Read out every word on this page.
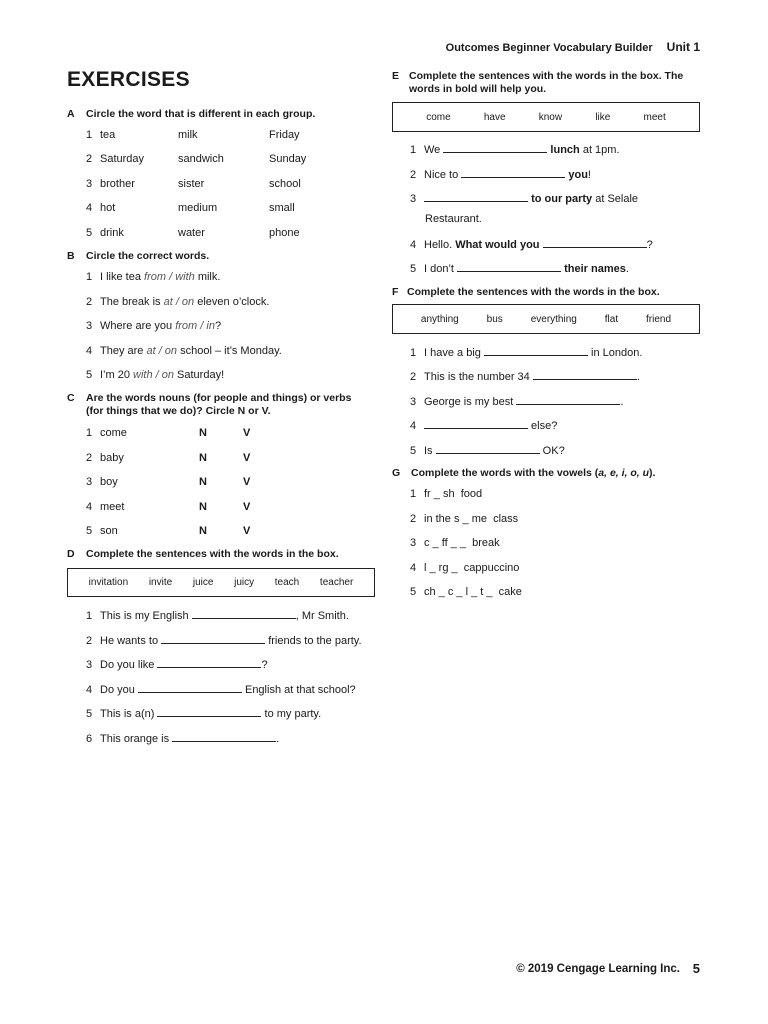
Outcomes Beginner Vocabulary Builder Unit 1
EXERCISES
A	Circle the word that is different in each group.
1 tea	milk	Friday
2 Saturday	sandwich	Sunday
3 brother	sister	school
4 hot	medium	small
5 drink	water	phone
B	Circle the correct words.
1 I like tea from / with milk.
2 The break is at / on eleven o’clock.
3 Where are you from / in?
4 They are at / on school – it’s Monday.
5 I’m 20 with / on Saturday!
C	Are the words nouns (for people and things) or verbs
(for things that we do)? Circle N or V.
1 come	N	V
2 baby	N	V
3 boy	N	V
4 meet	N	V
5 son	N	V
D	Complete the sentences with the words in the box.
invitation invite juice juicy teach teacher
1 This is my English	, Mr Smith.
2 He wants to	friends to the party.
3 Do you like	?
4 Do you	English at that school?
5 This is a(n)	to my party.
6 This orange is	.
E Complete the sentences with the words in the box. The
words in bold will help you.
come	have	know	like	meet
1 We	lunch at 1pm.
2 Nice to	you!
3	to our party at Selale
Restaurant.
4 Hello. What would you	?
5 I don’t	their names.
F Complete the sentences with the words in the box.
anything	bus	everything	flat	friend
1 I have a big	in London.
2 This is the number 34	.
3 George is my best	.
4	else?
5 Is	OK?
G	Complete the words with the vowels (a, e, i, o, u).
1 fr _ sh food
2 in the s _ me class
3 c _ ff _ _ break
4 l _ rg _ cappuccino
5 ch _ c _ l _ t _ cake
© 2019 Cengage Learning Inc. 5
